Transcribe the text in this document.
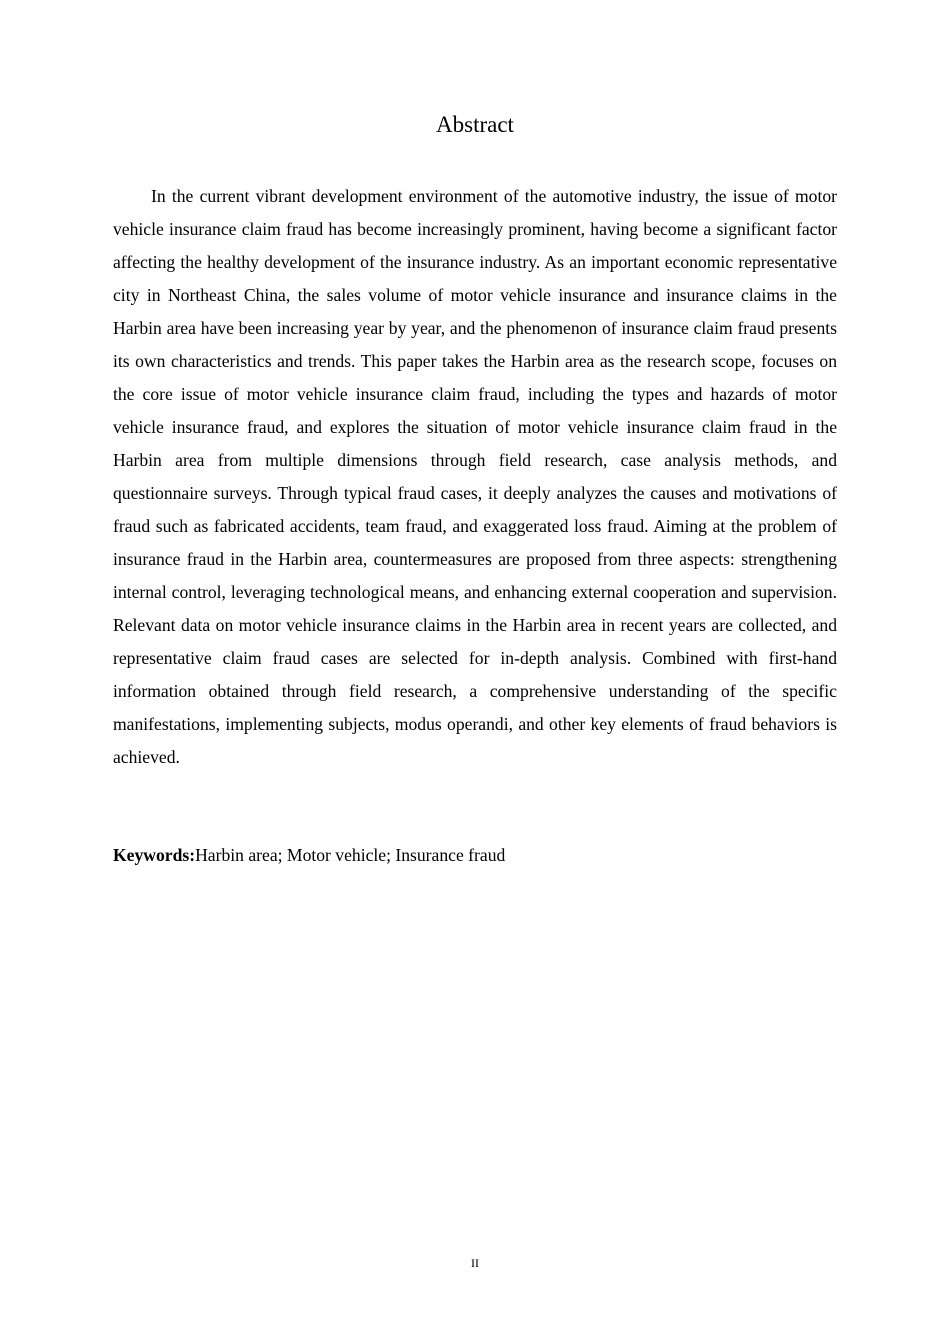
Abstract

In the current vibrant development environment of the automotive industry, the issue of motor vehicle insurance claim fraud has become increasingly prominent, having become a significant factor affecting the healthy development of the insurance industry. As an important economic representative city in Northeast China, the sales volume of motor vehicle insurance and insurance claims in the Harbin area have been increasing year by year, and the phenomenon of insurance claim fraud presents its own characteristics and trends. This paper takes the Harbin area as the research scope, focuses on the core issue of motor vehicle insurance claim fraud, including the types and hazards of motor vehicle insurance fraud, and explores the situation of motor vehicle insurance claim fraud in the Harbin area from multiple dimensions through field research, case analysis methods, and questionnaire surveys. Through typical fraud cases, it deeply analyzes the causes and motivations of fraud such as fabricated accidents, team fraud, and exaggerated loss fraud. Aiming at the problem of insurance fraud in the Harbin area, countermeasures are proposed from three aspects: strengthening internal control, leveraging technological means, and enhancing external cooperation and supervision. Relevant data on motor vehicle insurance claims in the Harbin area in recent years are collected, and representative claim fraud cases are selected for in-depth analysis. Combined with first-hand information obtained through field research, a comprehensive understanding of the specific manifestations, implementing subjects, modus operandi, and other key elements of fraud behaviors is achieved.

Keywords:Harbin area; Motor vehicle; Insurance fraud

II
